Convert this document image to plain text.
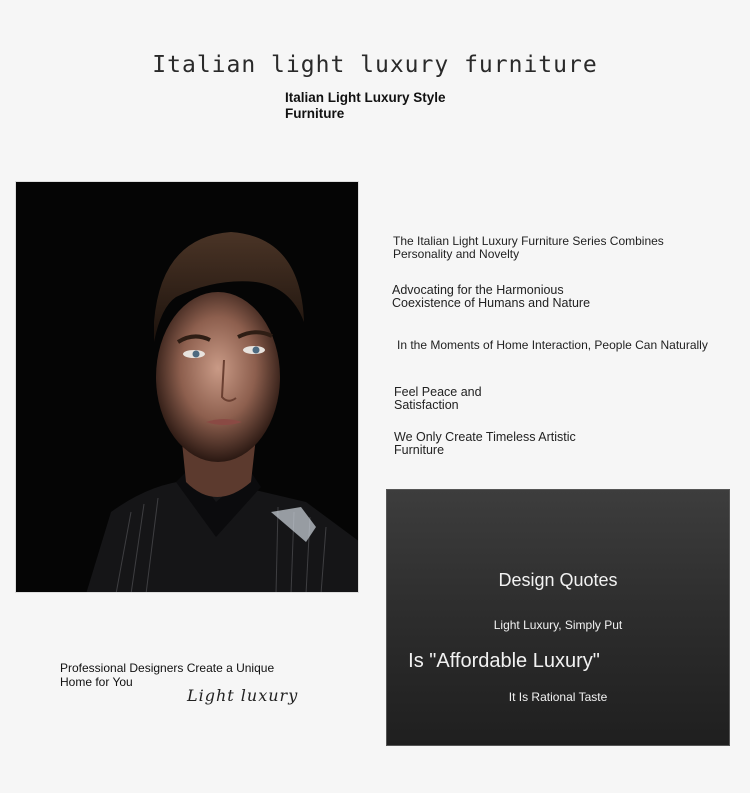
Italian light luxury furniture
Italian Light Luxury Style Furniture
The Italian Light Luxury Furniture Series Combines Personality and Novelty
Advocating for the Harmonious Coexistence of Humans and Nature
In the Moments of Home Interaction, People Can Naturally
Feel Peace and Satisfaction
We Only Create Timeless Artistic Furniture
Professional Designers Create a Unique Home for You
Light luxury
Design Quotes
Light Luxury, Simply Put
Is "Affordable Luxury"
It Is Rational Taste
